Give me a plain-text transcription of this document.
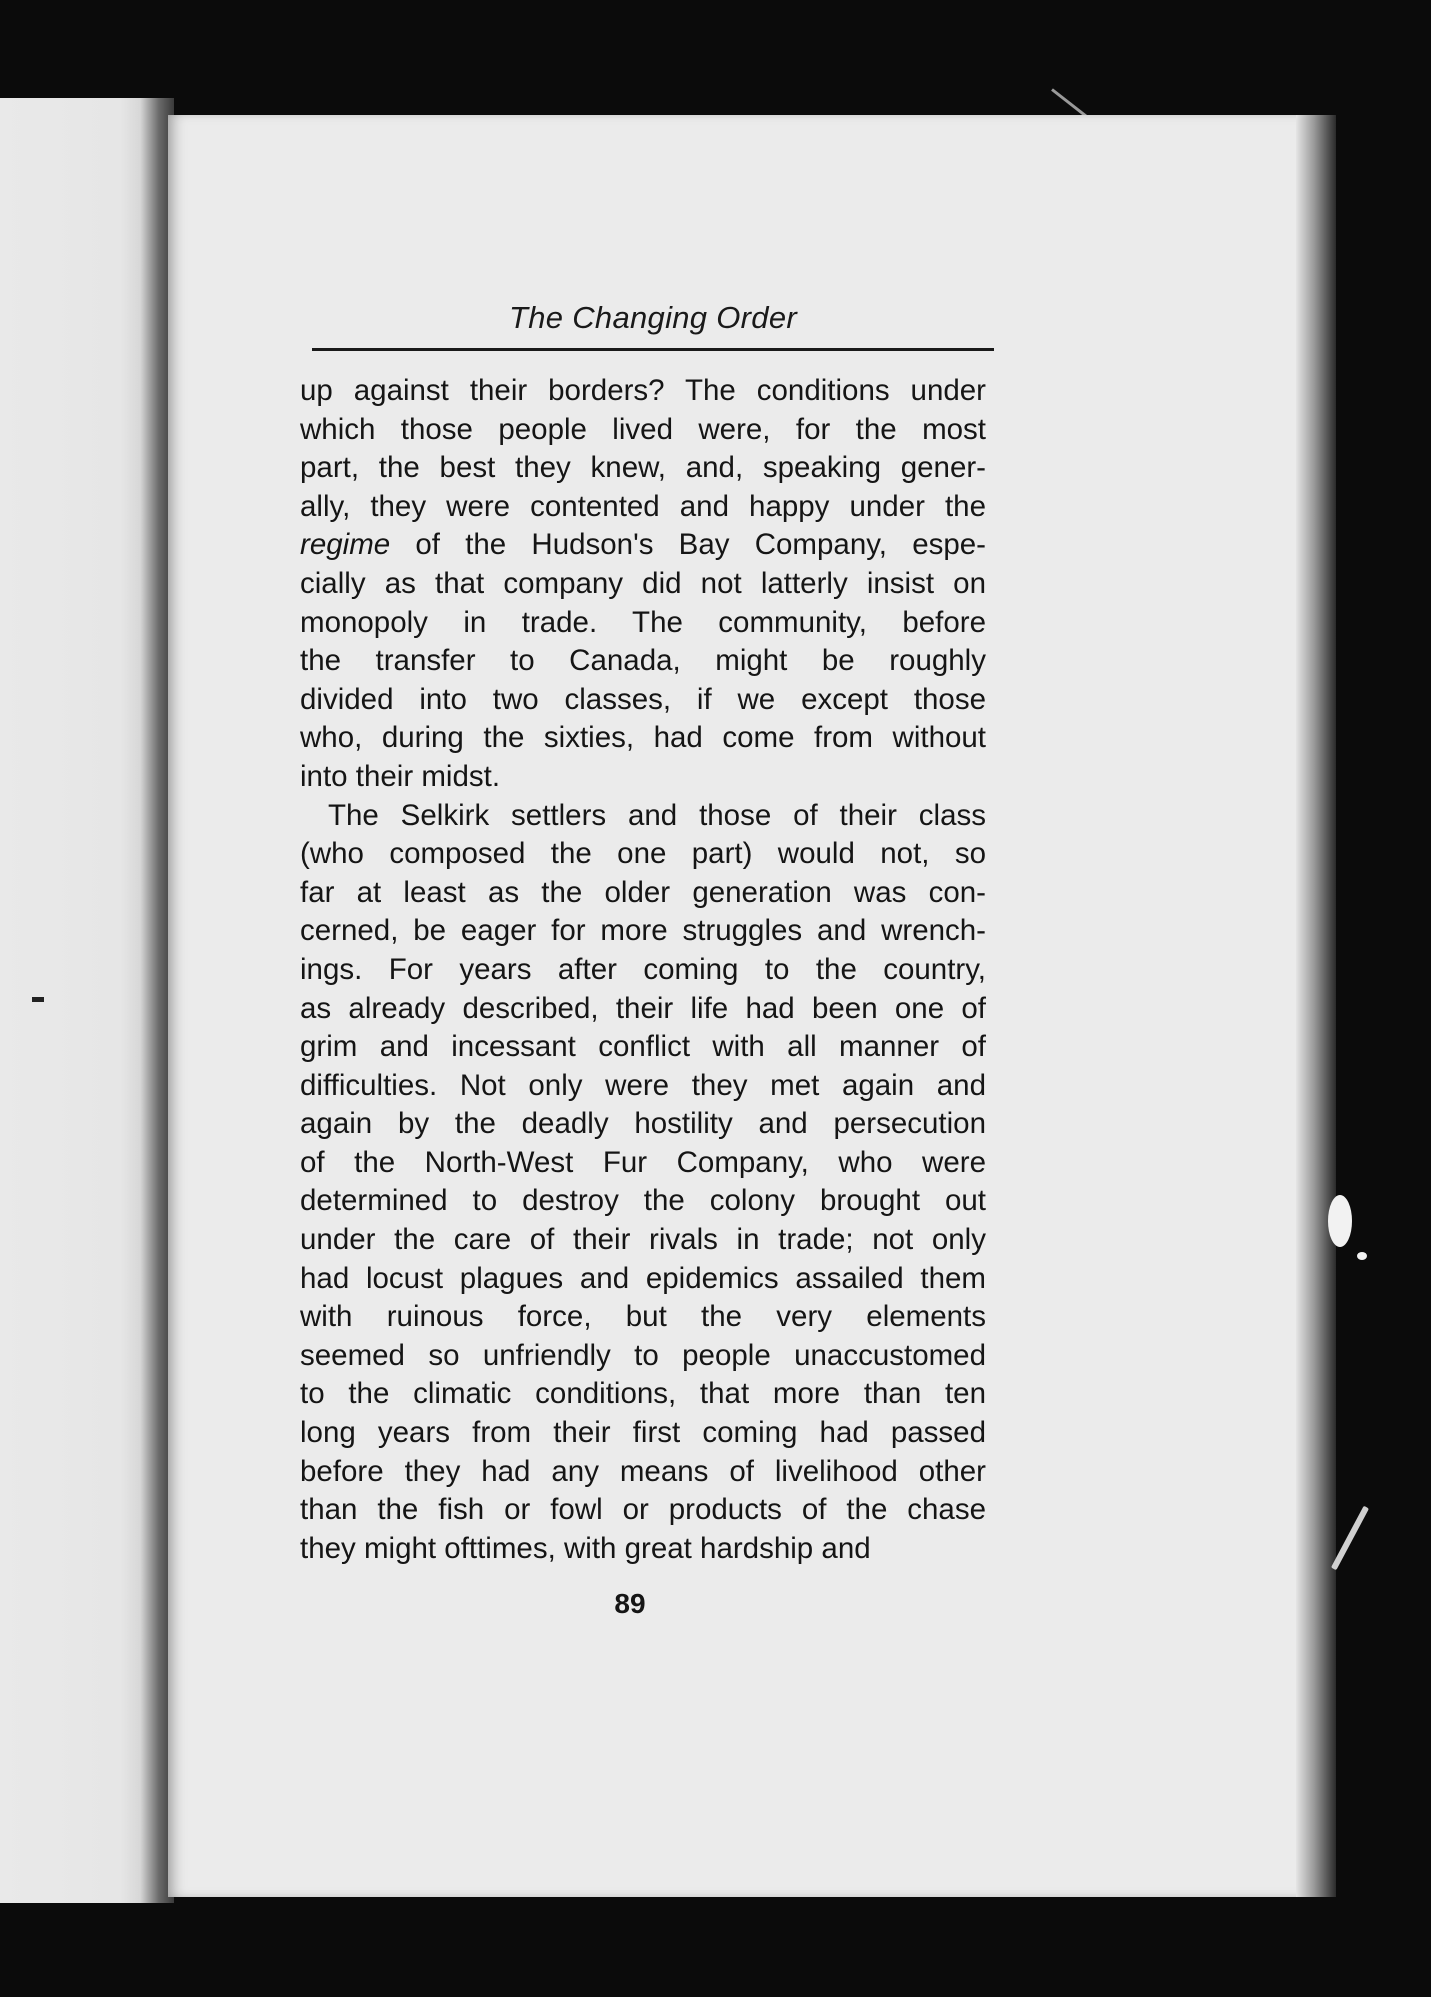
The Changing Order

up against their borders? The conditions under
which those people lived were, for the most
part, the best they knew, and, speaking gener-
ally, they were contented and happy under the
regime of the Hudson's Bay Company, espe-
cially as that company did not latterly insist on
monopoly in trade. The community, before
the transfer to Canada, might be roughly
divided into two classes, if we except those
who, during the sixties, had come from without
into their midst.

The Selkirk settlers and those of their class
(who composed the one part) would not, so
far at least as the older generation was con-
cerned, be eager for more struggles and wrench-
ings. For years after coming to the country,
as already described, their life had been one of
grim and incessant conflict with all manner of
difficulties. Not only were they met again and
again by the deadly hostility and persecution
of the North-West Fur Company, who were
determined to destroy the colony brought out
under the care of their rivals in trade; not only
had locust plagues and epidemics assailed them
with ruinous force, but the very elements
seemed so unfriendly to people unaccustomed
to the climatic conditions, that more than ten
long years from their first coming had passed
before they had any means of livelihood other
than the fish or fowl or products of the chase
they might ofttimes, with great hardship and

89
